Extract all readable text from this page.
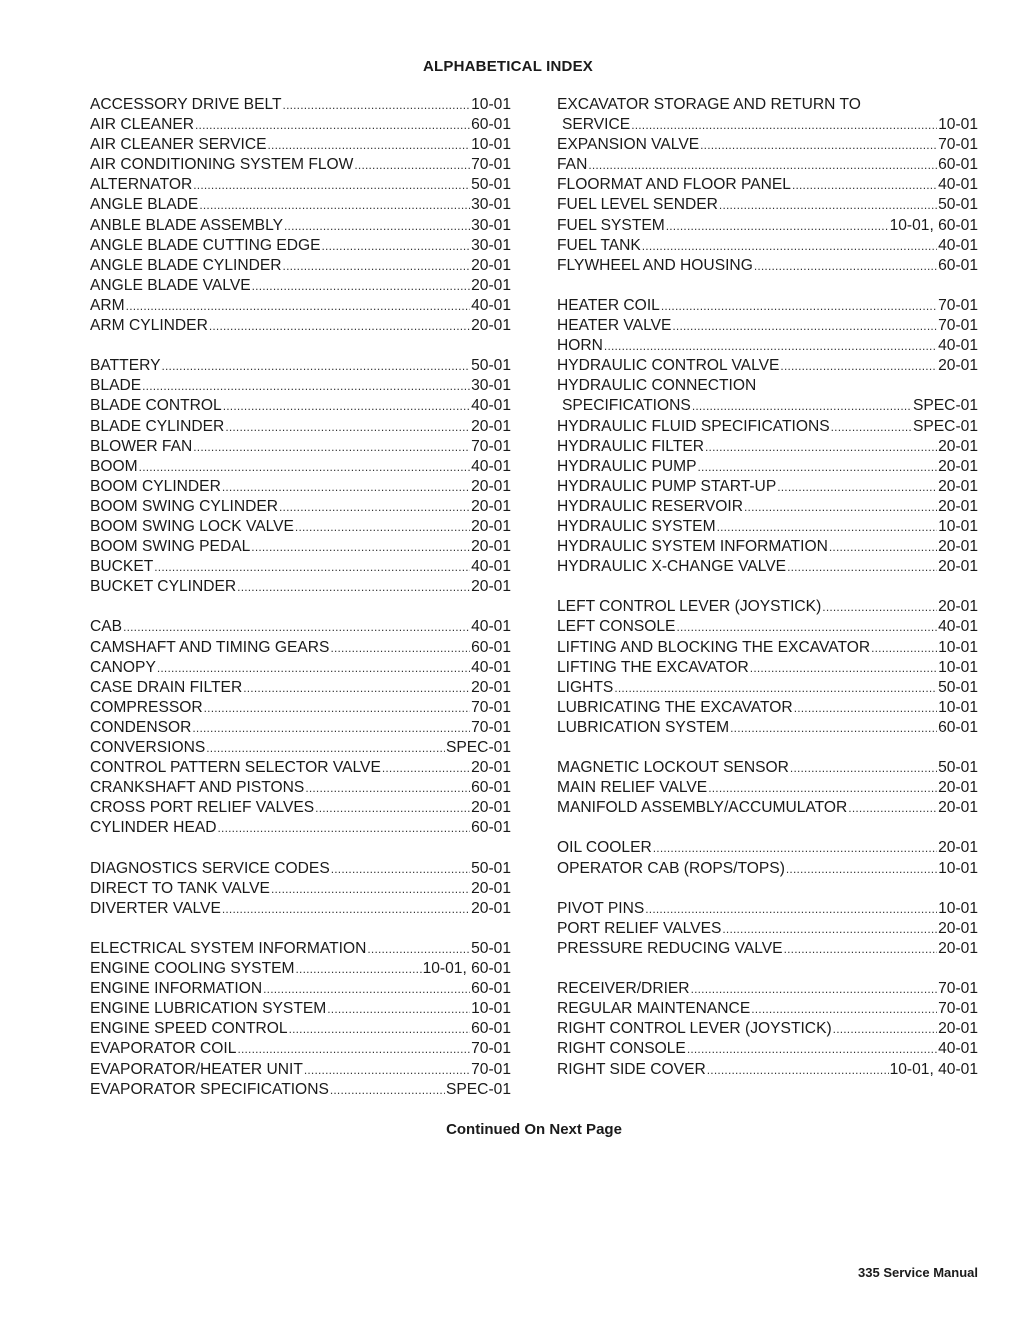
ALPHABETICAL INDEX
ACCESSORY DRIVE BELT .....	10-01
AIR CLEANER .....	60-01
AIR CLEANER SERVICE .....	10-01
AIR CONDITIONING SYSTEM FLOW .....	70-01
ALTERNATOR .....	50-01
ANGLE BLADE .....	30-01
ANBLE BLADE ASSEMBLY .....	30-01
ANGLE BLADE CUTTING EDGE .....	30-01
ANGLE BLADE CYLINDER .....	20-01
ANGLE BLADE VALVE .....	20-01
ARM .....	40-01
ARM CYLINDER .....	20-01
BATTERY .....	50-01
BLADE .....	30-01
BLADE CONTROL .....	40-01
BLADE CYLINDER .....	20-01
BLOWER FAN .....	70-01
BOOM .....	40-01
BOOM CYLINDER .....	20-01
BOOM SWING CYLINDER .....	20-01
BOOM SWING LOCK VALVE .....	20-01
BOOM SWING PEDAL .....	20-01
BUCKET .....	40-01
BUCKET CYLINDER .....	20-01
CAB .....	40-01
CAMSHAFT AND TIMING GEARS .....	60-01
CANOPY .....	40-01
CASE DRAIN FILTER .....	20-01
COMPRESSOR .....	70-01
CONDENSOR .....	70-01
CONVERSIONS .....	SPEC-01
CONTROL PATTERN SELECTOR VALVE .....	20-01
CRANKSHAFT AND PISTONS .....	60-01
CROSS PORT RELIEF VALVES .....	20-01
CYLINDER HEAD .....	60-01
DIAGNOSTICS SERVICE CODES .....	50-01
DIRECT TO TANK VALVE .....	20-01
DIVERTER VALVE .....	20-01
ELECTRICAL SYSTEM INFORMATION .....	50-01
ENGINE COOLING SYSTEM .....	10-01, 60-01
ENGINE INFORMATION .....	60-01
ENGINE LUBRICATION SYSTEM .....	10-01
ENGINE SPEED CONTROL .....	60-01
EVAPORATOR COIL .....	70-01
EVAPORATOR/HEATER UNIT .....	70-01
EVAPORATOR SPECIFICATIONS .....	SPEC-01
EXCAVATOR STORAGE AND RETURN TO
SERVICE .....	10-01
EXPANSION VALVE .....	70-01
FAN .....	60-01
FLOORMAT AND FLOOR PANEL .....	40-01
FUEL LEVEL SENDER .....	50-01
FUEL SYSTEM .....	10-01, 60-01
FUEL TANK .....	40-01
FLYWHEEL AND HOUSING .....	60-01
HEATER COIL .....	70-01
HEATER VALVE .....	70-01
HORN .....	40-01
HYDRAULIC CONTROL VALVE .....	20-01
HYDRAULIC CONNECTION
SPECIFICATIONS .....	SPEC-01
HYDRAULIC FLUID SPECIFICATIONS .....	SPEC-01
HYDRAULIC FILTER .....	20-01
HYDRAULIC PUMP .....	20-01
HYDRAULIC PUMP START-UP .....	20-01
HYDRAULIC RESERVOIR .....	20-01
HYDRAULIC SYSTEM .....	10-01
HYDRAULIC SYSTEM INFORMATION .....	20-01
HYDRAULIC X-CHANGE VALVE .....	20-01
LEFT CONTROL LEVER (JOYSTICK) .....	20-01
LEFT CONSOLE .....	40-01
LIFTING AND BLOCKING THE EXCAVATOR .....	10-01
LIFTING THE EXCAVATOR .....	10-01
LIGHTS .....	50-01
LUBRICATING THE EXCAVATOR .....	10-01
LUBRICATION SYSTEM .....	60-01
MAGNETIC LOCKOUT SENSOR .....	50-01
MAIN RELIEF VALVE .....	20-01
MANIFOLD ASSEMBLY/ACCUMULATOR .....	20-01
OIL COOLER .....	20-01
OPERATOR CAB (ROPS/TOPS) .....	10-01
PIVOT PINS .....	10-01
PORT RELIEF VALVES .....	20-01
PRESSURE REDUCING VALVE .....	20-01
RECEIVER/DRIER .....	70-01
REGULAR MAINTENANCE .....	70-01
RIGHT CONTROL LEVER (JOYSTICK) .....	20-01
RIGHT CONSOLE .....	40-01
RIGHT SIDE COVER .....	10-01, 40-01
Continued On Next Page
335 Service Manual
